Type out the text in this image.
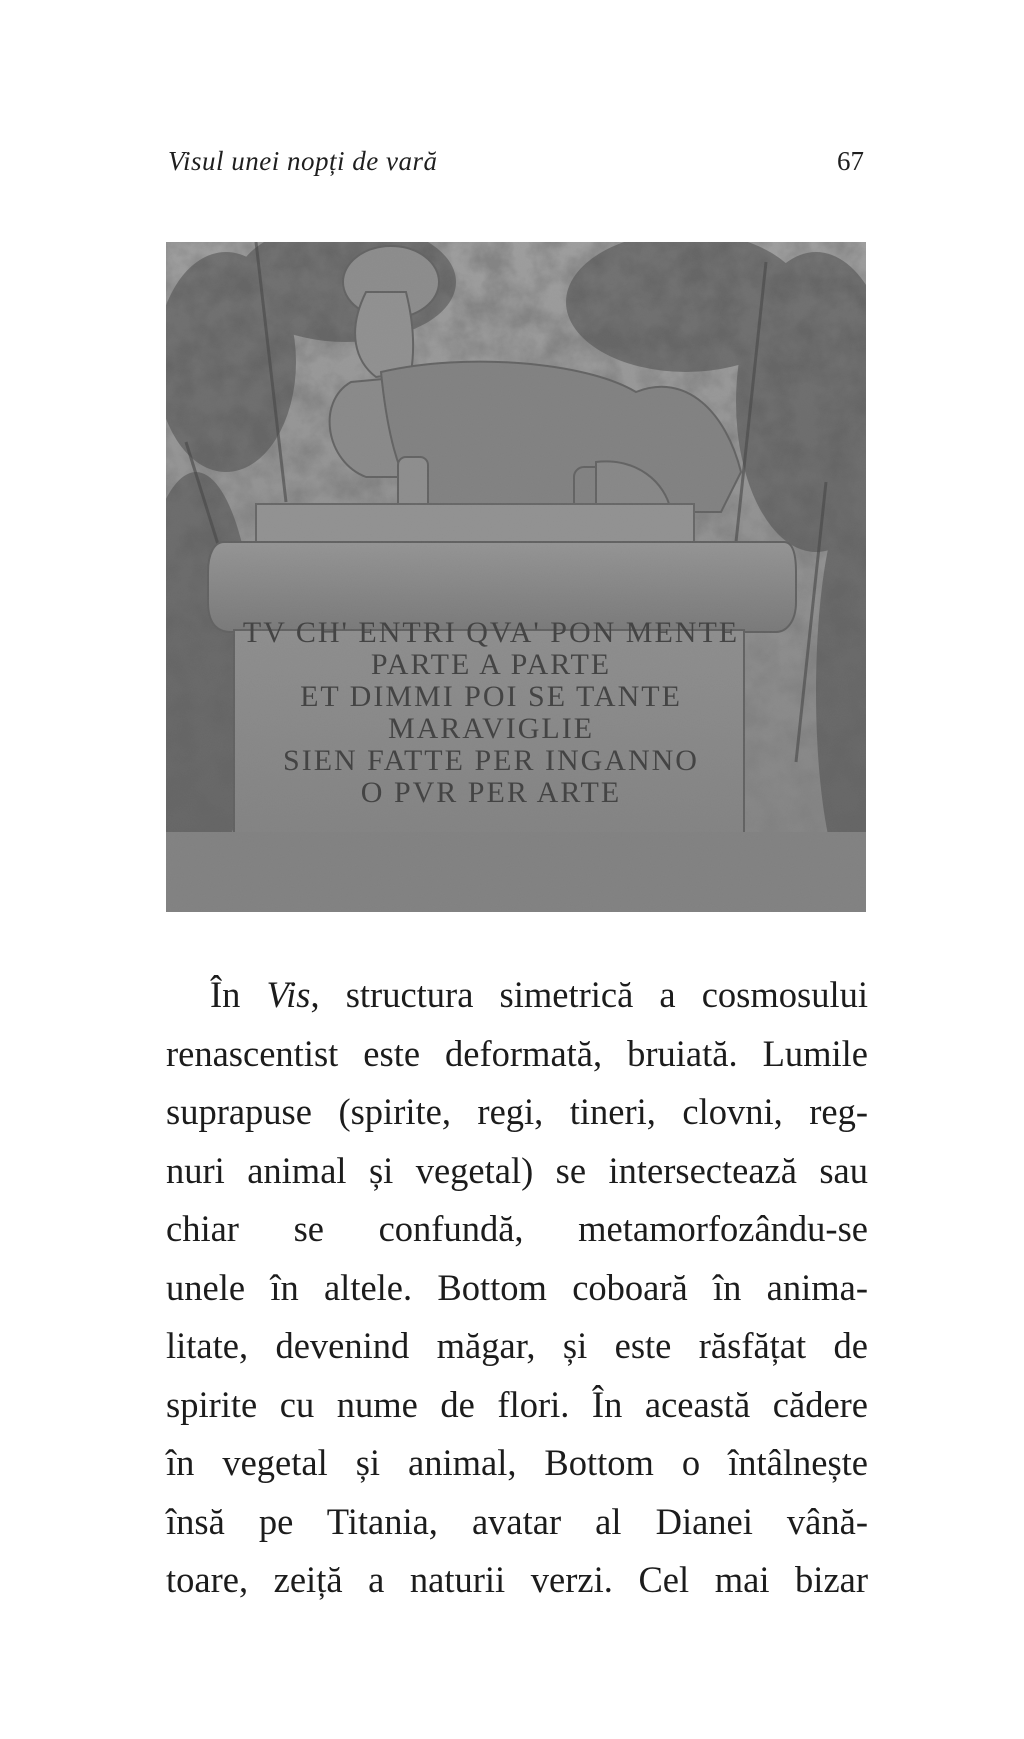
Visul unei nopți de vară	67
TV CH' ENTRI QVA' PON MENTE
PARTE A PARTE
ET DIMMI POI SE TANTE
MARAVIGLIE
SIEN FATTE PER INGANNO
O PVR PER ARTE
În Vis, structura simetrică a cosmosului
renascentist este deformată, bruiată. Lumile
suprapuse (spirite, regi, tineri, clovni, reg-
nuri animal și vegetal) se intersectează sau
chiar se confundă, metamorfozându-se
unele în altele. Bottom coboară în anima-
litate, devenind măgar, și este răsfățat de
spirite cu nume de flori. În această cădere
în vegetal și animal, Bottom o întâlnește
însă pe Titania, avatar al Dianei vână-
toare, zeiță a naturii verzi. Cel mai bizar
